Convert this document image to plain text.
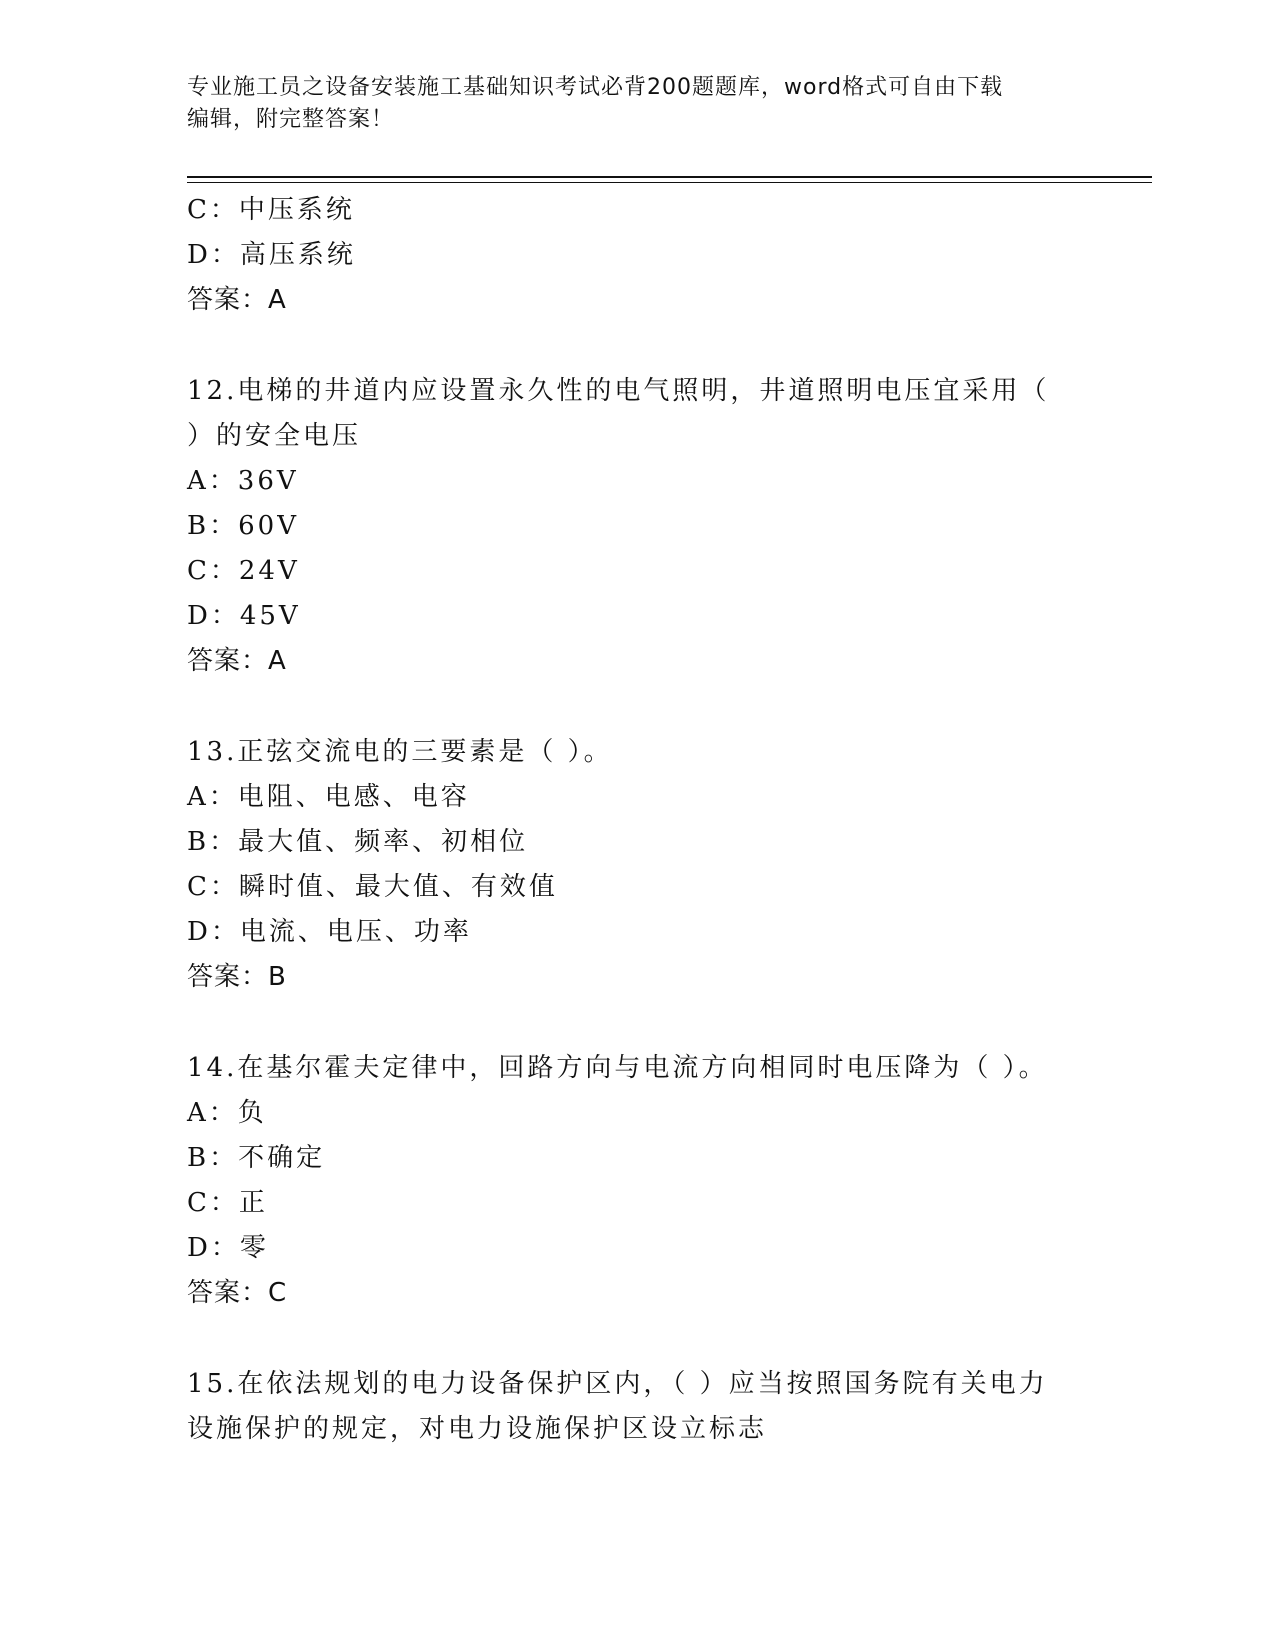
专业施工员之设备安装施工基础知识考试必背200题题库，word格式可自由下载
编辑，附完整答案！
C：中压系统
D：高压系统
答案：A
12.电梯的井道内应设置永久性的电气照明，井道照明电压宜采用（
）的安全电压
A：36V
B：60V
C：24V
D：45V
答案：A
13.正弦交流电的三要素是（ ）。
A：电阻、电感、电容
B：最大值、频率、初相位
C：瞬时值、最大值、有效值
D：电流、电压、功率
答案：B
14.在基尔霍夫定律中，回路方向与电流方向相同时电压降为（ ）。
A：负
B：不确定
C：正
D：零
答案：C
15.在依法规划的电力设备保护区内，（ ）应当按照国务院有关电力
设施保护的规定，对电力设施保护区设立标志
